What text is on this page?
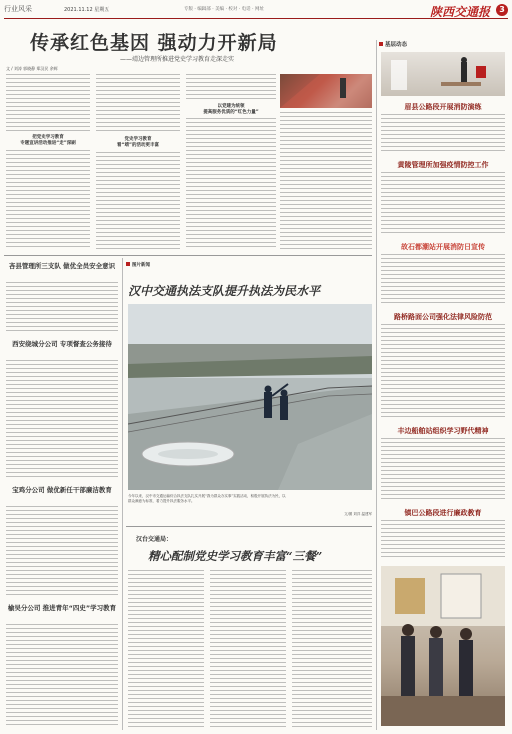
行业风采	2021.11.12 星期五	专版 · 编辑部 · 美编 · 校对 · 电话 · 网址	陕西交通报	3
传承红色基因 强动力开新局
——靖边管理所推进党史学习教育走深走实
文 / 刘涛 郭晓静 郑汉民 余辉
把党史学习教育
专题宣讲活动推进“走”深刷
党史学习教育
看“靖”的活动更丰富
以党建为统领
提高服务优质的“红色力量”
吝县管理所三支队 做优全员安全意识
西安绕城分公司 专项督查公务接待
宝鸡分公司 做优新任干部廉洁教育
榆吴分公司 推进青年“四史”学习教育
图片新闻
汉中交通执法支队提升执法为民水平
今年以来，汉中市交通运输综合执法支队扎实开展“我为群众办实事”实践活动，积极开展执法为民，以群众满意为标准，着力提升执法服务水平。
文/图 刘洋 温建军
汉台交通局：
精心配制党史学习教育丰富“三餐”
基层动态
眉县公路段开展消防演练
黄陵管理所加强疫情防控工作
故石都潮站开展消防日宣传
路桥路面公司强化法律风险防范
丰边船舶站组织学习野代精神
镇巴公路段进行廉政教育
